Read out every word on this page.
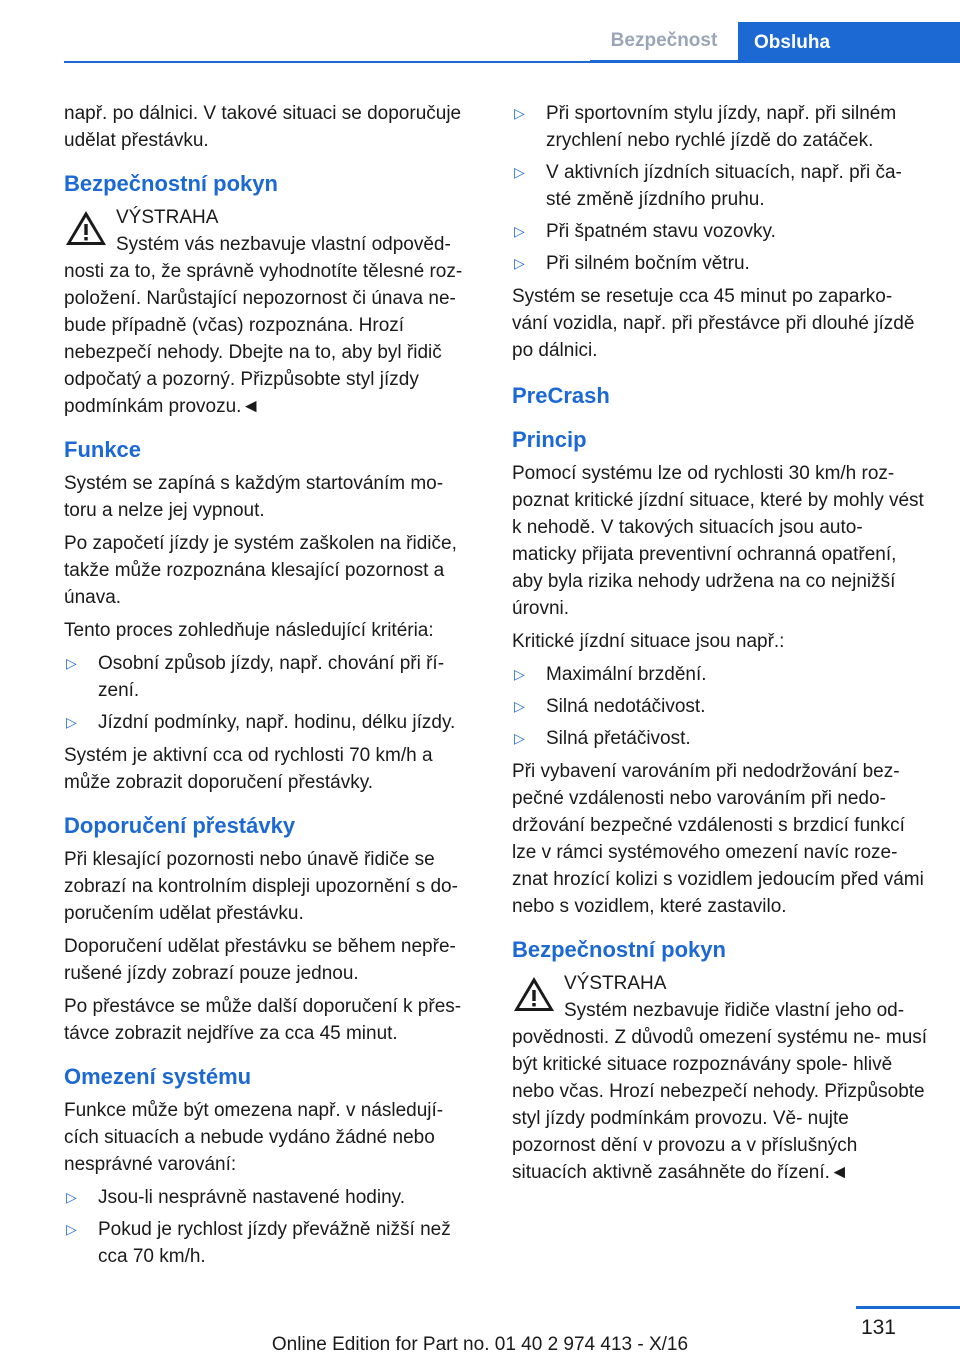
Bezpečnost	Obsluha

např. po dálnici. V takové situaci se doporučuje udělat přestávku.

Bezpečnostní pokyn
VÝSTRAHA
Systém vás nezbavuje vlastní odpověd‐

nosti za to, že správně vyhodnotíte tělesné roz‐ položení. Narůstající nepozornost či únava ne‐ bude případně (včas) rozpoznána. Hrozí nebezpečí nehody. Dbejte na to, aby byl řidič odpočatý a pozorný. Přizpůsobte styl jízdy podmínkám provozu.◄

Funkce

Systém se zapíná s každým startováním mo‐ toru a nelze jej vypnout.

Po započetí jízdy je systém zaškolen na řidiče, takže může rozpoznána klesající pozornost a únava.

Tento proces zohledňuje následující kritéria:

▷ Osobní způsob jízdy, např. chování při ří‐ zení.
▷ Jízdní podmínky, např. hodinu, délku jízdy.

Systém je aktivní cca od rychlosti 70 km/h a může zobrazit doporučení přestávky.

Doporučení přestávky

Při klesající pozornosti nebo únavě řidiče se zobrazí na kontrolním displeji upozornění s do‐ poručením udělat přestávku.

Doporučení udělat přestávku se během nepře‐ rušené jízdy zobrazí pouze jednou.

Po přestávce se může další doporučení k přes‐ távce zobrazit nejdříve za cca 45 minut.

Omezení systému

Funkce může být omezena např. v následují‐ cích situacích a nebude vydáno žádné nebo nesprávné varování:

▷ Jsou-li nesprávně nastavené hodiny.
▷ Pokud je rychlost jízdy převážně nižší než cca 70 km/h.
▷ Při sportovním stylu jízdy, např. při silném zrychlení nebo rychlé jízdě do zatáček.
▷ V aktivních jízdních situacích, např. při ča‐ sté změně jízdního pruhu.
▷ Při špatném stavu vozovky.
▷ Při silném bočním větru.

Systém se resetuje cca 45 minut po zaparko‐ vání vozidla, např. při přestávce při dlouhé jízdě po dálnici.

PreCrash
Princip

Pomocí systému lze od rychlosti 30 km/h roz‐ poznat kritické jízdní situace, které by mohly vést k nehodě. V takových situacích jsou auto‐ maticky přijata preventivní ochranná opatření, aby byla rizika nehody udržena na co nejnižší úrovni.

Kritické jízdní situace jsou např.:

▷ Maximální brzdění.
▷ Silná nedotáčivost.
▷ Silná přetáčivost.

Při vybavení varováním při nedodržování bez‐ pečné vzdálenosti nebo varováním při nedo‐ držování bezpečné vzdálenosti s brzdicí funkcí lze v rámci systémového omezení navíc roze‐ znat hrozící kolizi s vozidlem jedoucím před vámi nebo s vozidlem, které zastavilo.

Bezpečnostní pokyn
VÝSTRAHA
Systém nezbavuje řidiče vlastní jeho od‐

povědnosti. Z důvodů omezení systému ne‐ musí být kritické situace rozpoznávány spole‐ hlivě nebo včas. Hrozí nebezpečí nehody. Přizpůsobte styl jízdy podmínkám provozu. Vě‐ nujte pozornost dění v provozu a v příslušných situacích aktivně zasáhněte do řízení.◄

131
Online Edition for Part no. 01 40 2 974 413 - X/16
